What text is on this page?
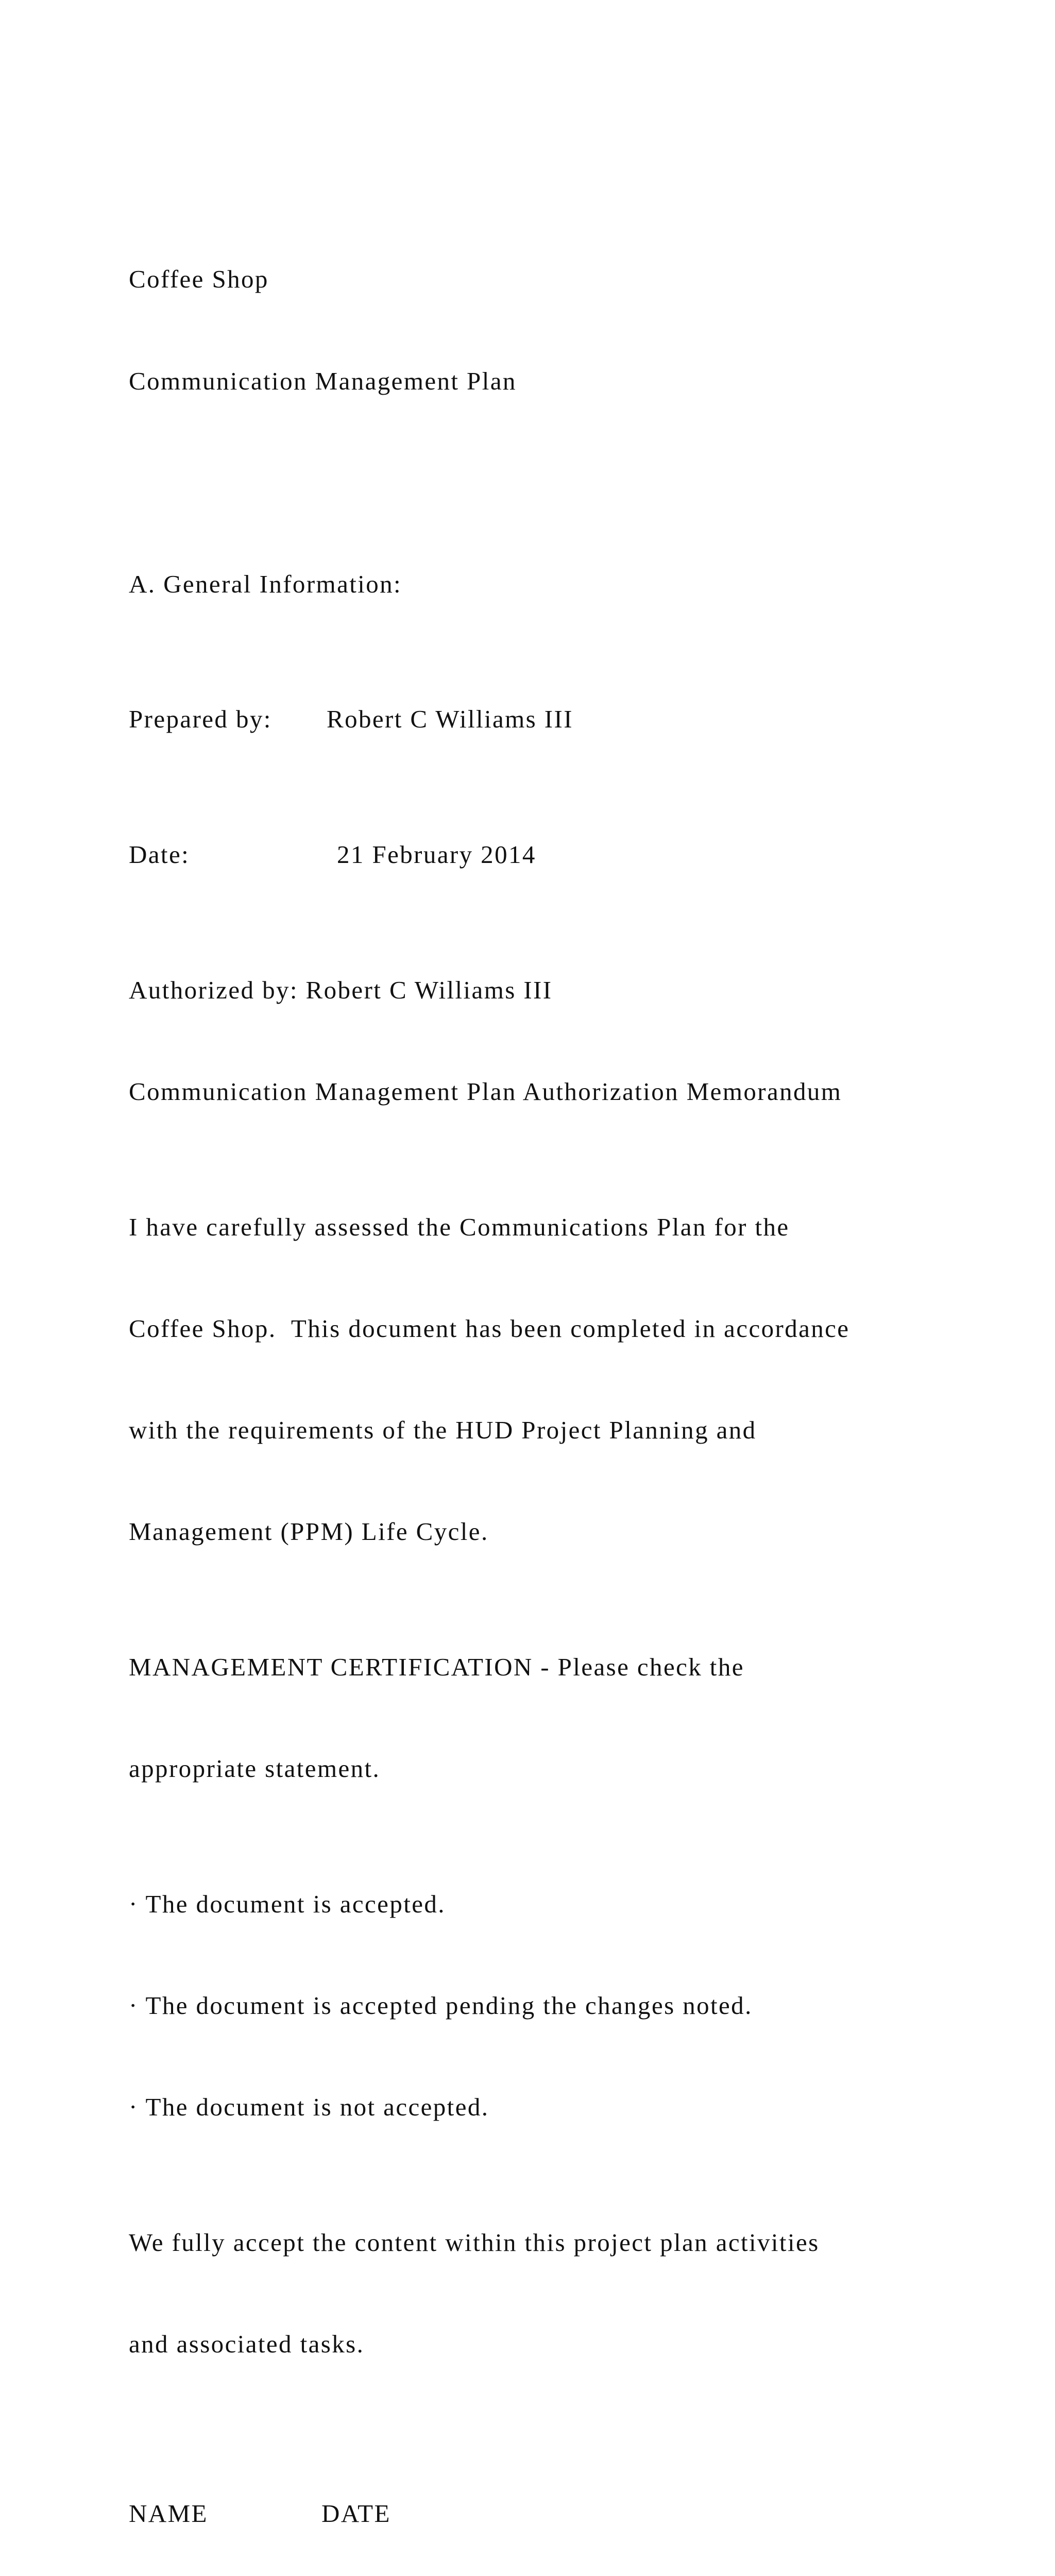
Coffee Shop

Communication Management Plan

A. General Information:

Prepared by: Robert C Williams III

Date:	21 February 2014

Authorized by: Robert C Williams III

Communication Management Plan Authorization Memorandum

I have carefully assessed the Communications Plan for the

Coffee Shop.  This document has been completed in accordance

with the requirements of the HUD Project Planning and

Management (PPM) Life Cycle.

MANAGEMENT CERTIFICATION - Please check the

appropriate statement.

· The document is accepted.

· The document is accepted pending the changes noted.

· The document is not accepted.

We fully accept the content within this project plan activities

and associated tasks.

NAME	DATE
